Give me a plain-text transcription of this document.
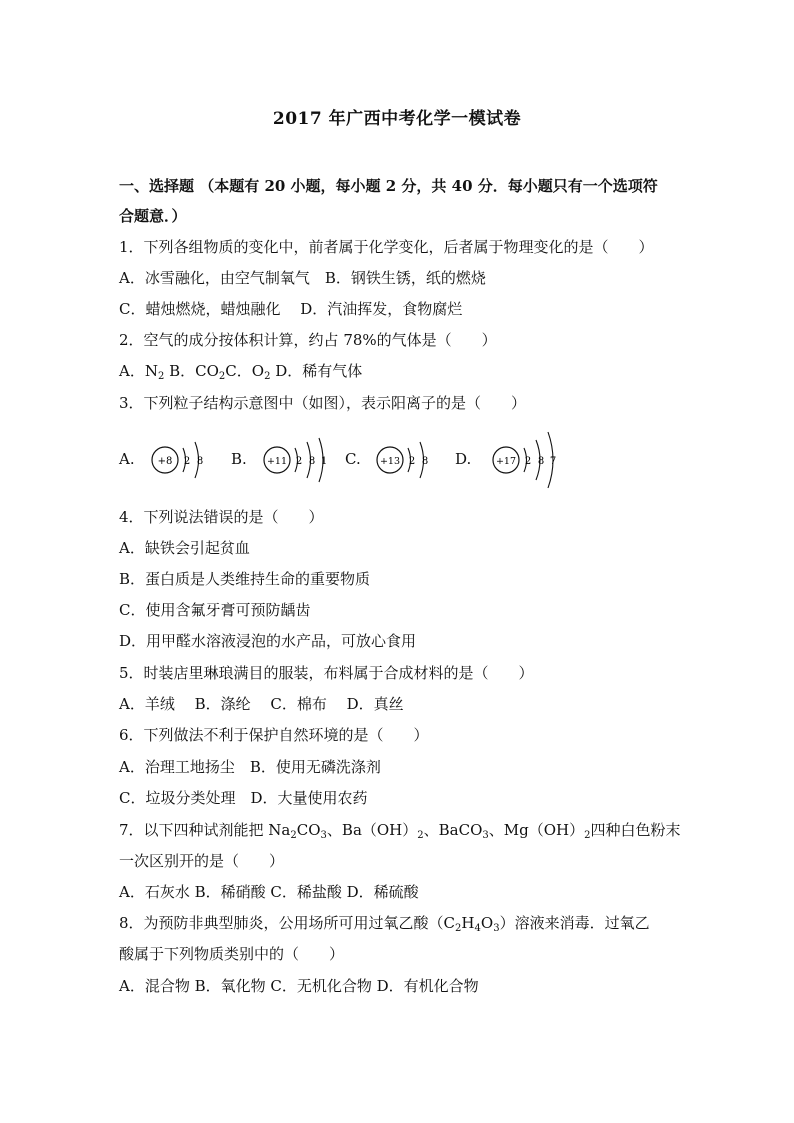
2017 年广西中考化学一模试卷
一、选择题 （本题有 20 小题，每小题 2 分，共 40 分．每小题只有一个选项符
合题意．）
1．下列各组物质的变化中，前者属于化学变化，后者属于物理变化的是（　　）
A．冰雪融化，由空气制氧气　B．钢铁生锈，纸的燃烧
C．蜡烛燃烧，蜡烛融化　 D．汽油挥发，食物腐烂
2．空气的成分按体积计算，约占 78%的气体是（　　）
A．$N_2$ B．$CO_2C$．$O_2$ D．稀有气体
3．下列粒子结构示意图中（如图），表示阳离子的是（　　）
A. +8 2 8 B. +11 2 8 1 C. +13 2 8 D.	+17 2 8 7
4．下列说法错误的是（　　）
A．缺铁会引起贫血
B．蛋白质是人类维持生命的重要物质
C．使用含氟牙膏可预防龋齿
D．用甲醛水溶液浸泡的水产品，可放心食用
5．时装店里琳琅满目的服装，布料属于合成材料的是（　　）
A．羊绒　 B．涤纶　 C．棉布　 D．真丝
6．下列做法不利于保护自然环境的是（　　）
A．治理工地扬尘　B．使用无磷洗涤剂
C．垃圾分类处理　D．大量使用农药
7．以下四种试剂能把 $Na_2CO_3$、$Ba(OH)_2$、BaCO$_3$、$Mg(OH)_2$四种白色粉末
一次区别开的是（　　）
A．石灰水 B．稀硝酸 C．稀盐酸 D．稀硫酸
8．为预防非典型肺炎，公用场所可用过氧乙酸$(C_2H_4O_3)$溶液来消毒．过氧乙
酸属于下列物质类别中的（　　）
A．混合物 B．氧化物 C．无机化合物 D．有机化合物
